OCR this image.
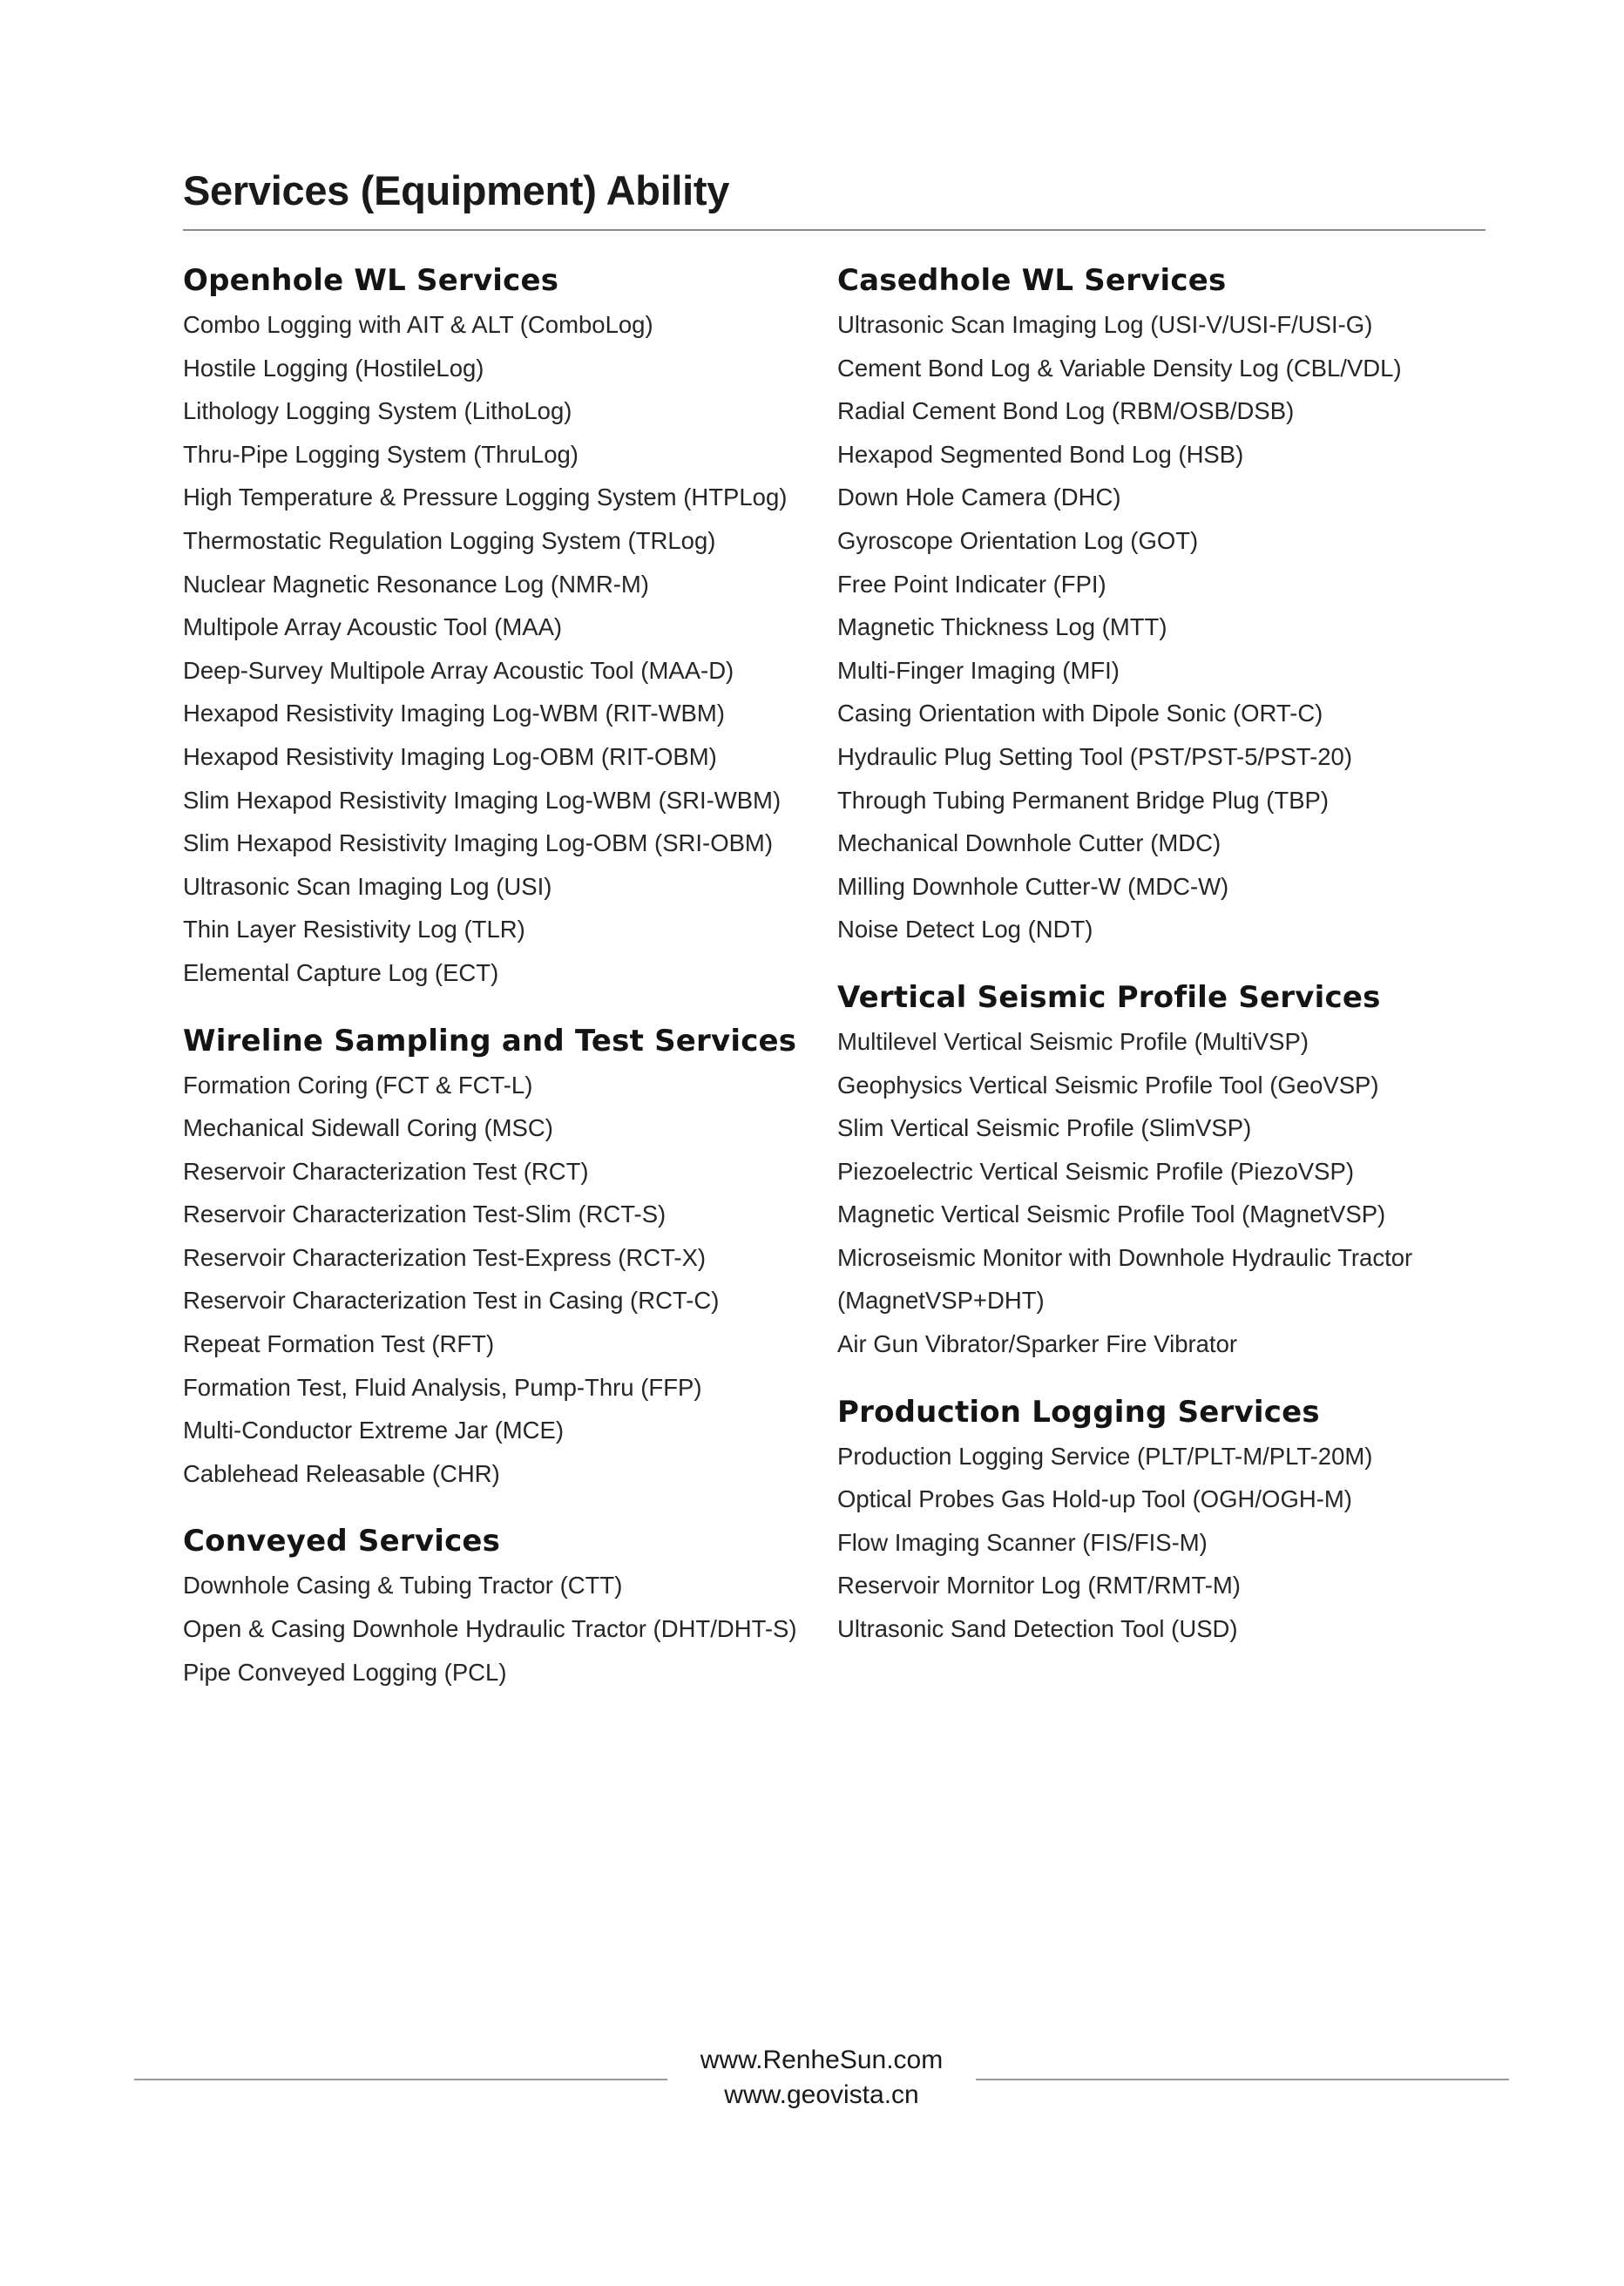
Services (Equipment) Ability
Openhole WL Services
Combo Logging with AIT & ALT (ComboLog)
Hostile Logging (HostileLog)
Lithology Logging System (LithoLog)
Thru-Pipe Logging System (ThruLog)
High Temperature & Pressure Logging System (HTPLog)
Thermostatic Regulation Logging System (TRLog)
Nuclear Magnetic Resonance Log (NMR-M)
Multipole Array Acoustic Tool (MAA)
Deep-Survey Multipole Array Acoustic Tool (MAA-D)
Hexapod Resistivity Imaging Log-WBM (RIT-WBM)
Hexapod Resistivity Imaging Log-OBM (RIT-OBM)
Slim Hexapod Resistivity Imaging Log-WBM (SRI-WBM)
Slim Hexapod Resistivity Imaging Log-OBM (SRI-OBM)
Ultrasonic Scan Imaging Log (USI)
Thin Layer Resistivity Log (TLR)
Elemental Capture Log (ECT)
Wireline Sampling and Test Services
Formation Coring (FCT & FCT-L)
Mechanical Sidewall Coring (MSC)
Reservoir Characterization Test (RCT)
Reservoir Characterization Test-Slim (RCT-S)
Reservoir Characterization Test-Express (RCT-X)
Reservoir Characterization Test in Casing (RCT-C)
Repeat Formation Test (RFT)
Formation Test, Fluid Analysis, Pump-Thru (FFP)
Multi-Conductor Extreme Jar (MCE)
Cablehead Releasable (CHR)
Conveyed Services
Downhole Casing & Tubing Tractor (CTT)
Open & Casing Downhole Hydraulic Tractor (DHT/DHT-S)
Pipe Conveyed Logging (PCL)
Casedhole WL Services
Ultrasonic Scan Imaging Log (USI-V/USI-F/USI-G)
Cement Bond Log & Variable Density Log (CBL/VDL)
Radial Cement Bond Log (RBM/OSB/DSB)
Hexapod Segmented Bond Log (HSB)
Down Hole Camera (DHC)
Gyroscope Orientation Log (GOT)
Free Point Indicater (FPI)
Magnetic Thickness Log (MTT)
Multi-Finger Imaging (MFI)
Casing Orientation with Dipole Sonic (ORT-C)
Hydraulic Plug Setting Tool (PST/PST-5/PST-20)
Through Tubing Permanent Bridge Plug (TBP)
Mechanical Downhole Cutter (MDC)
Milling Downhole Cutter-W (MDC-W)
Noise Detect Log (NDT)
Vertical Seismic Profile Services
Multilevel Vertical Seismic Profile (MultiVSP)
Geophysics Vertical Seismic Profile Tool (GeoVSP)
Slim Vertical Seismic Profile (SlimVSP)
Piezoelectric Vertical Seismic Profile (PiezoVSP)
Magnetic Vertical Seismic Profile Tool (MagnetVSP)
Microseismic Monitor with Downhole Hydraulic Tractor
(MagnetVSP+DHT)
Air Gun Vibrator/Sparker Fire Vibrator
Production Logging Services
Production Logging Service (PLT/PLT-M/PLT-20M)
Optical Probes Gas Hold-up Tool (OGH/OGH-M)
Flow Imaging Scanner (FIS/FIS-M)
Reservoir Mornitor Log (RMT/RMT-M)
Ultrasonic Sand Detection Tool (USD)
www.RenheSun.com
www.geovista.cn
